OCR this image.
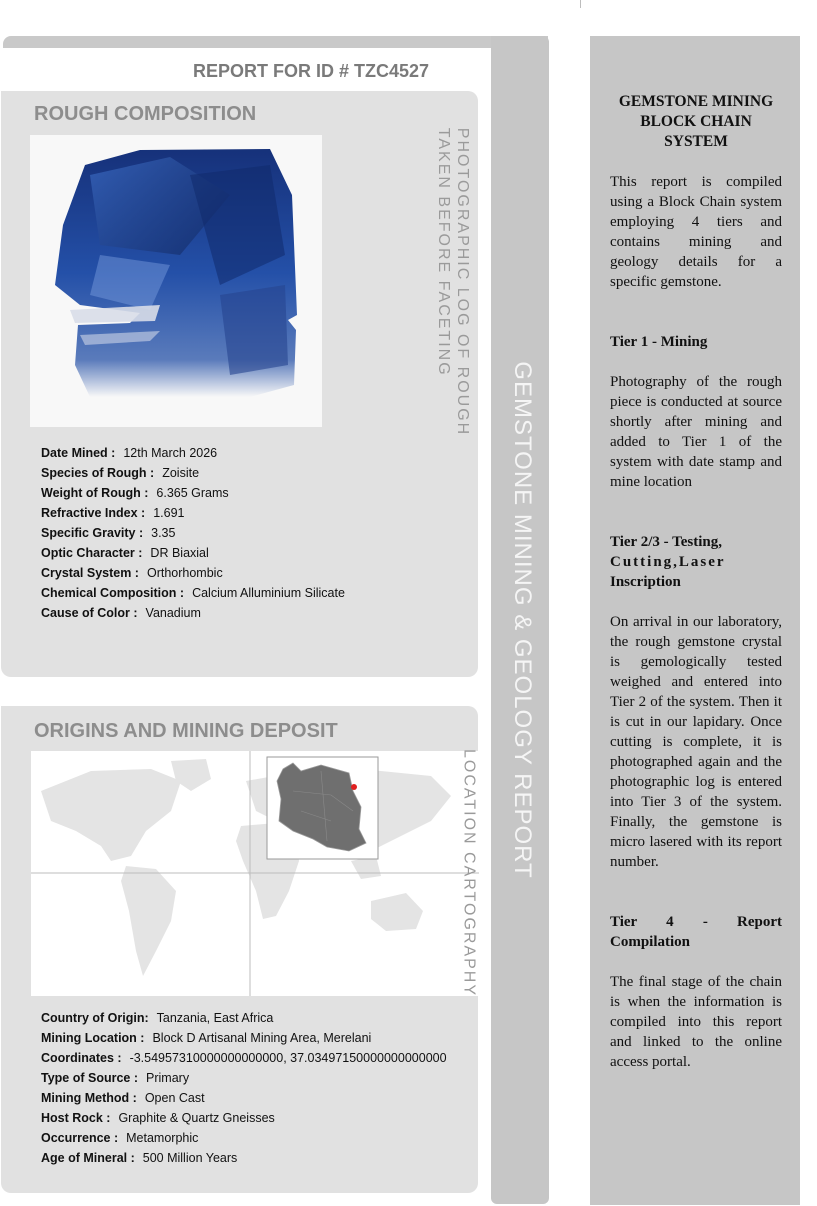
GEMSTONE MINING & GEOLOGY REPORT
REPORT FOR ID # TZC4527
ROUGH COMPOSITION
PHOTOGRAPHIC LOG OF ROUGH
TAKEN BEFORE FACETING
Date Mined : 12th March 2026
Species of Rough : Zoisite
Weight of Rough : 6.365 Grams
Refractive Index : 1.691
Specific Gravity : 3.35
Optic Character : DR Biaxial
Crystal System : Orthorhombic
Chemical Composition : Calcium Alluminium Silicate
Cause of Color : Vanadium
ORIGINS AND MINING DEPOSIT
LOCATION CARTOGRAPHY
Country of Origin: Tanzania, East Africa
Mining Location : Block D Artisanal Mining Area, Merelani
Coordinates : -3.54957310000000000000, 37.03497150000000000000
Type of Source : Primary
Mining Method : Open Cast
Host Rock : Graphite & Quartz Gneisses
Occurrence : Metamorphic
Age of Mineral : 500 Million Years
GEMSTONE MINING BLOCK CHAIN SYSTEM

This report is compiled using a Block Chain system employing 4 tiers and contains mining and geology details for a specific gemstone.

Tier 1 - Mining

Photography of the rough piece is conducted at source shortly after mining and added to Tier 1 of the system with date stamp and mine location

Tier 2/3 - Testing,
Cutting,Laser
Inscription

On arrival in our laboratory, the rough gemstone crystal is gemologically tested weighed and entered into Tier 2 of the system. Then it is cut in our lapidary. Once cutting is complete, it is photographed again and the photographic log is entered into Tier 3 of the system. Finally, the gemstone is micro lasered with its report number.

Tier 4 - Report Compilation

The final stage of the chain is when the information is compiled into this report and linked to the online access portal.
